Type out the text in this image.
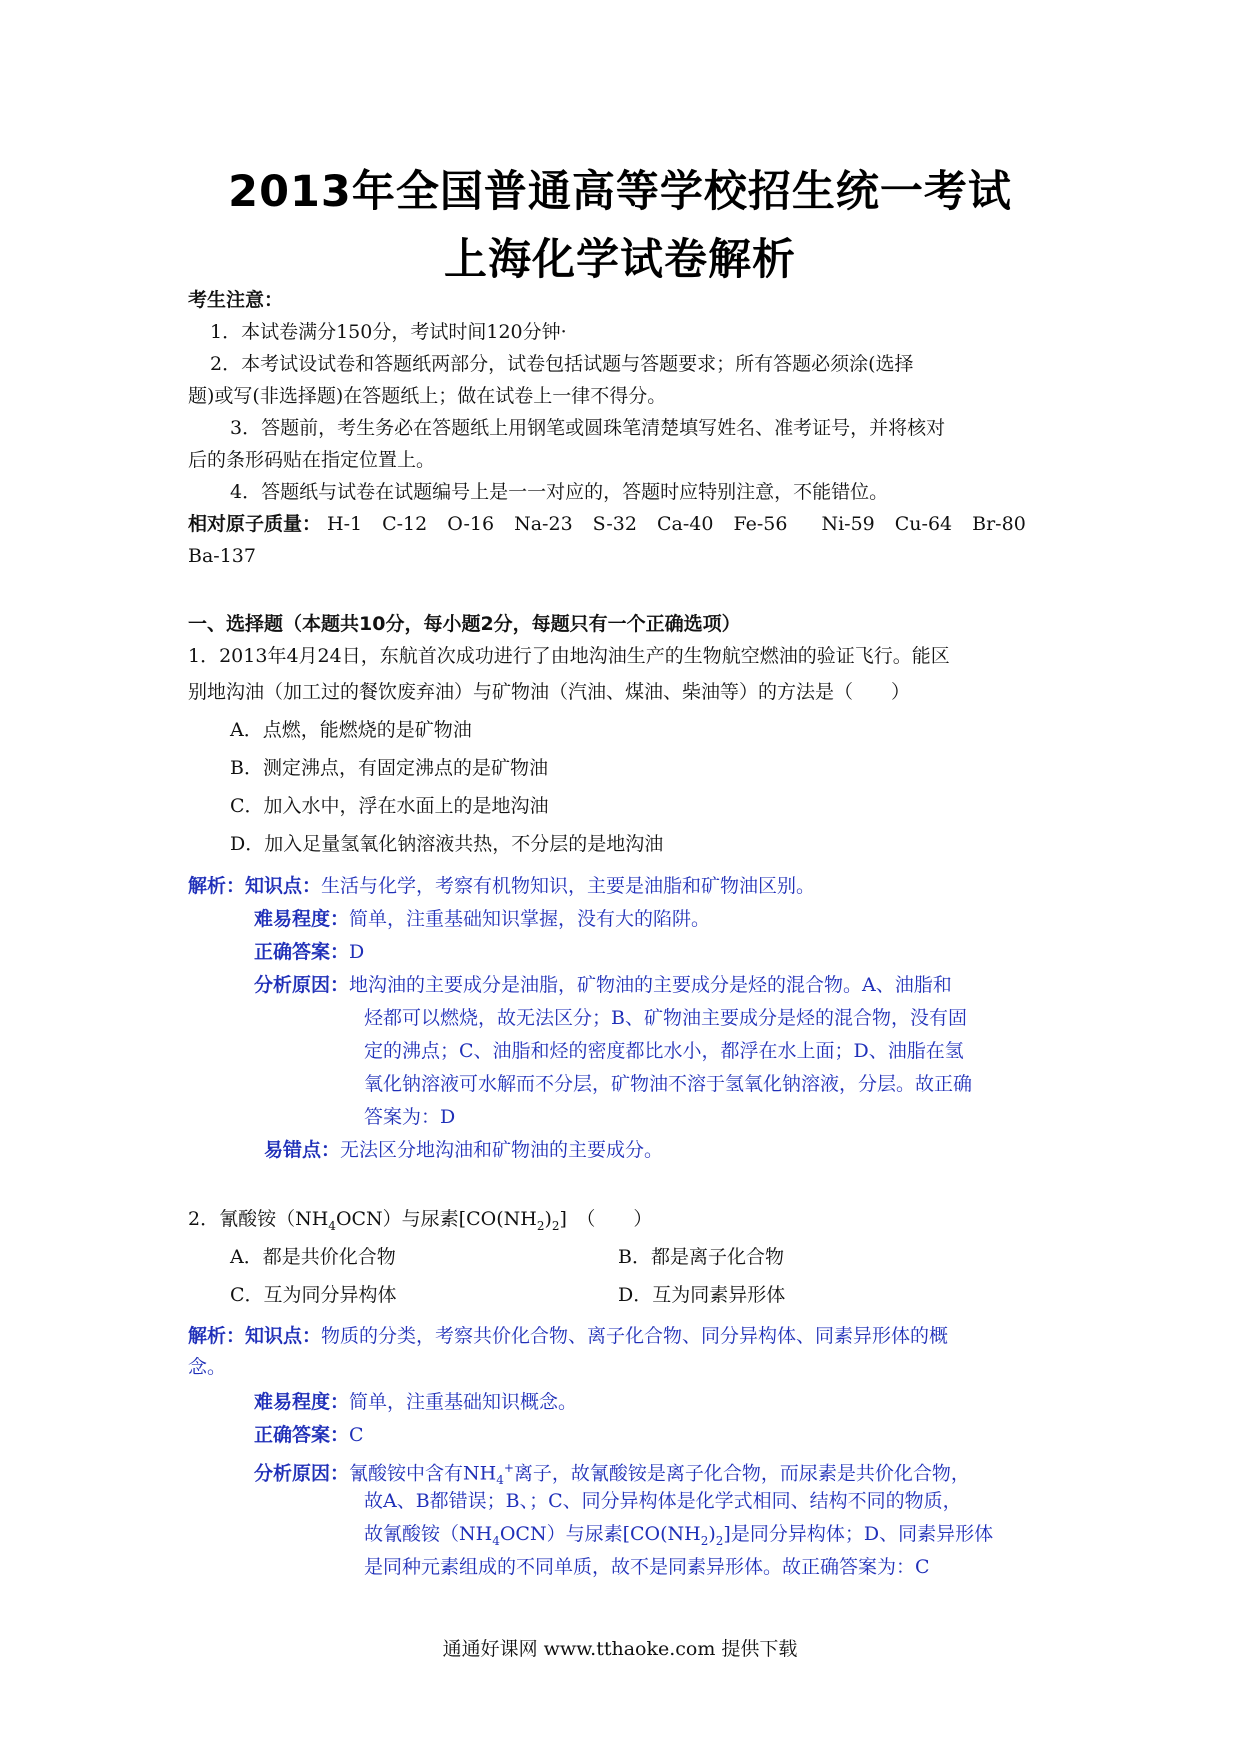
2013年全国普通高等学校招生统一考试
上海化学试卷解析
考生注意：
1．本试卷满分150分，考试时间120分钟·
2．本考试设试卷和答题纸两部分，试卷包括试题与答题要求；所有答题必须涂(选择
题)或写(非选择题)在答题纸上；做在试卷上一律不得分。
3．答题前，考生务必在答题纸上用钢笔或圆珠笔清楚填写姓名、准考证号，并将核对
后的条形码贴在指定位置上。
4．答题纸与试卷在试题编号上是一一对应的，答题时应特别注意，不能错位。
相对原子质量： H-1 C-12 O-16 Na-23 S-32 Ca-40 Fe-56 Ni-59 Cu-64 Br-80
Ba-137
一、选择题（本题共10分，每小题2分，每题只有一个正确选项）
1．2013年4月24日，东航首次成功进行了由地沟油生产的生物航空燃油的验证飞行。能区
别地沟油（加工过的餐饮废弃油）与矿物油（汽油、煤油、柴油等）的方法是（　　）
A．点燃，能燃烧的是矿物油
B．测定沸点，有固定沸点的是矿物油
C．加入水中，浮在水面上的是地沟油
D．加入足量氢氧化钠溶液共热，不分层的是地沟油
解析：知识点：生活与化学，考察有机物知识，主要是油脂和矿物油区别。
难易程度：简单，注重基础知识掌握，没有大的陷阱。
正确答案：D
分析原因：地沟油的主要成分是油脂，矿物油的主要成分是烃的混合物。A、油脂和
烃都可以燃烧，故无法区分；B、矿物油主要成分是烃的混合物，没有固
定的沸点；C、油脂和烃的密度都比水小，都浮在水上面；D、油脂在氢
氧化钠溶液可水解而不分层，矿物油不溶于氢氧化钠溶液，分层。故正确
答案为：D
易错点：无法区分地沟油和矿物油的主要成分。
2．氰酸铵$(NH_4OCN)$与尿素$[CO(NH_2)_2]$　（　　）
A．都是共价化合物	B．都是离子化合物
C．互为同分异构体	D．互为同素异形体
解析：知识点：物质的分类，考察共价化合物、离子化合物、同分异构体、同素异形体的概
念。
难易程度：简单，注重基础知识概念。
正确答案：C
分析原因：氰酸铵中含有$NH_4^+$离子，故氰酸铵是离子化合物，而尿素是共价化合物，
故A、B都错误；B、；C、同分异构体是化学式相同、结构不同的物质，
故氰酸铵$(NH_4OCN)$与尿素$[CO(NH_2)_2]$是同分异构体；D、同素异形体
是同种元素组成的不同单质，故不是同素异形体。故正确答案为：C
通通好课网 www.tthaoke.com 提供下载
